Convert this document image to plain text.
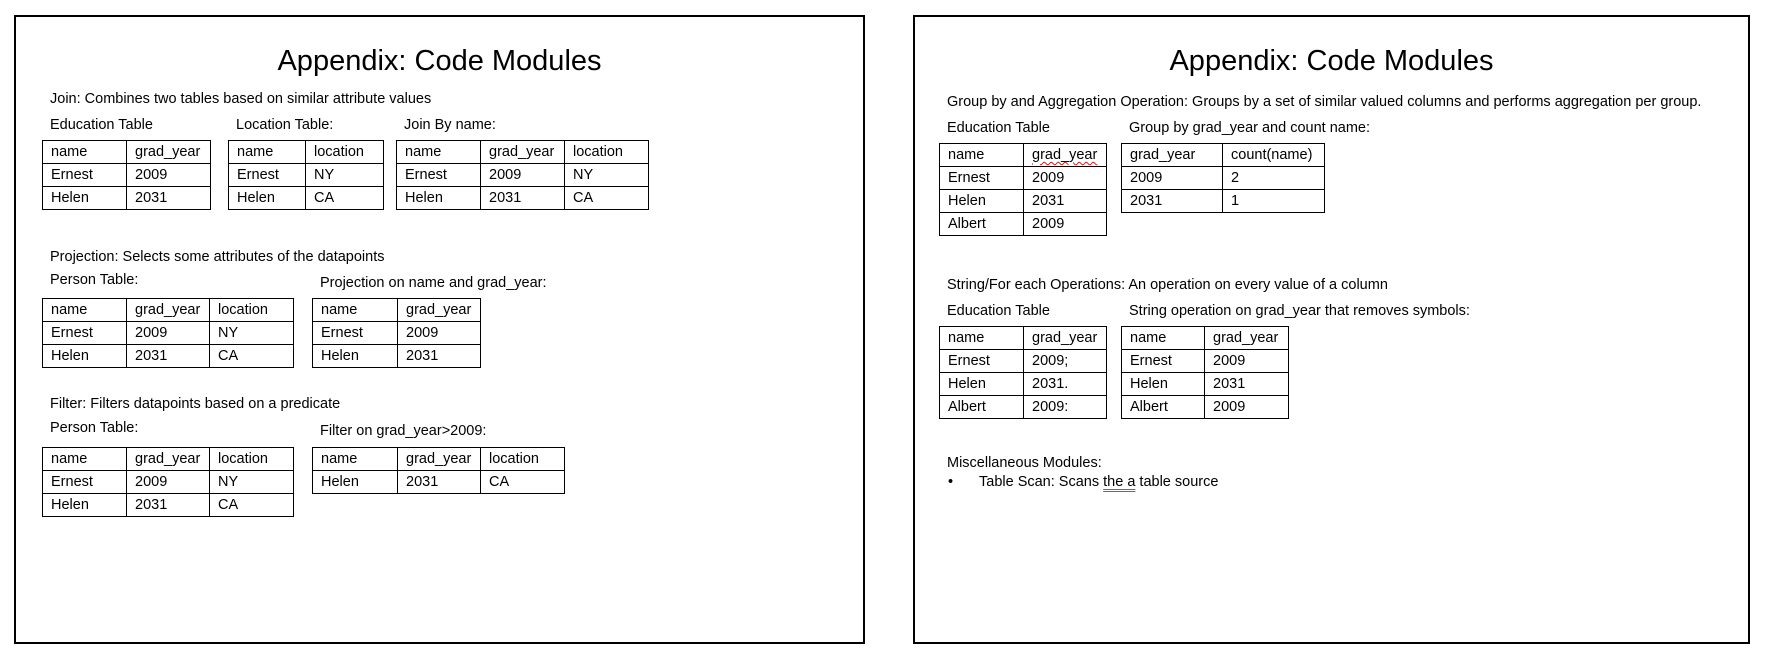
Appendix: Code Modules
Join: Combines two tables based on similar attribute values
Education Table	Location Table:	Join By name:
name	grad_year
Ernest	2009
Helen	2031
name	location
Ernest	NY
Helen	CA
name	grad_year	location
Ernest	2009	NY
Helen	2031	CA
Projection: Selects some attributes of the datapoints
Person Table:	Projection on name and grad_year:
name	grad_year	location
Ernest	2009	NY
Helen	2031	CA
name	grad_year
Ernest	2009
Helen	2031
Filter: Filters datapoints based on a predicate
Person Table:	Filter on grad_year>2009:
name	grad_year	location
Ernest	2009	NY
Helen	2031	CA
name	grad_year	location
Helen	2031	CA
Appendix: Code Modules
Group by and Aggregation Operation: Groups by a set of similar valued columns and performs aggregation per group.
Education Table	Group by grad_year and count name:
name	grad_year
Ernest	2009
Helen	2031
Albert	2009
grad_year	count(name)
2009	2
2031	1
String/For each Operations: An operation on every value of a column
Education Table	String operation on grad_year that removes symbols:
name	grad_year
Ernest	2009;
Helen	2031.
Albert	2009:
name	grad_year
Ernest	2009
Helen	2031
Albert	2009
Miscellaneous Modules:
• Table Scan: Scans the a table source
